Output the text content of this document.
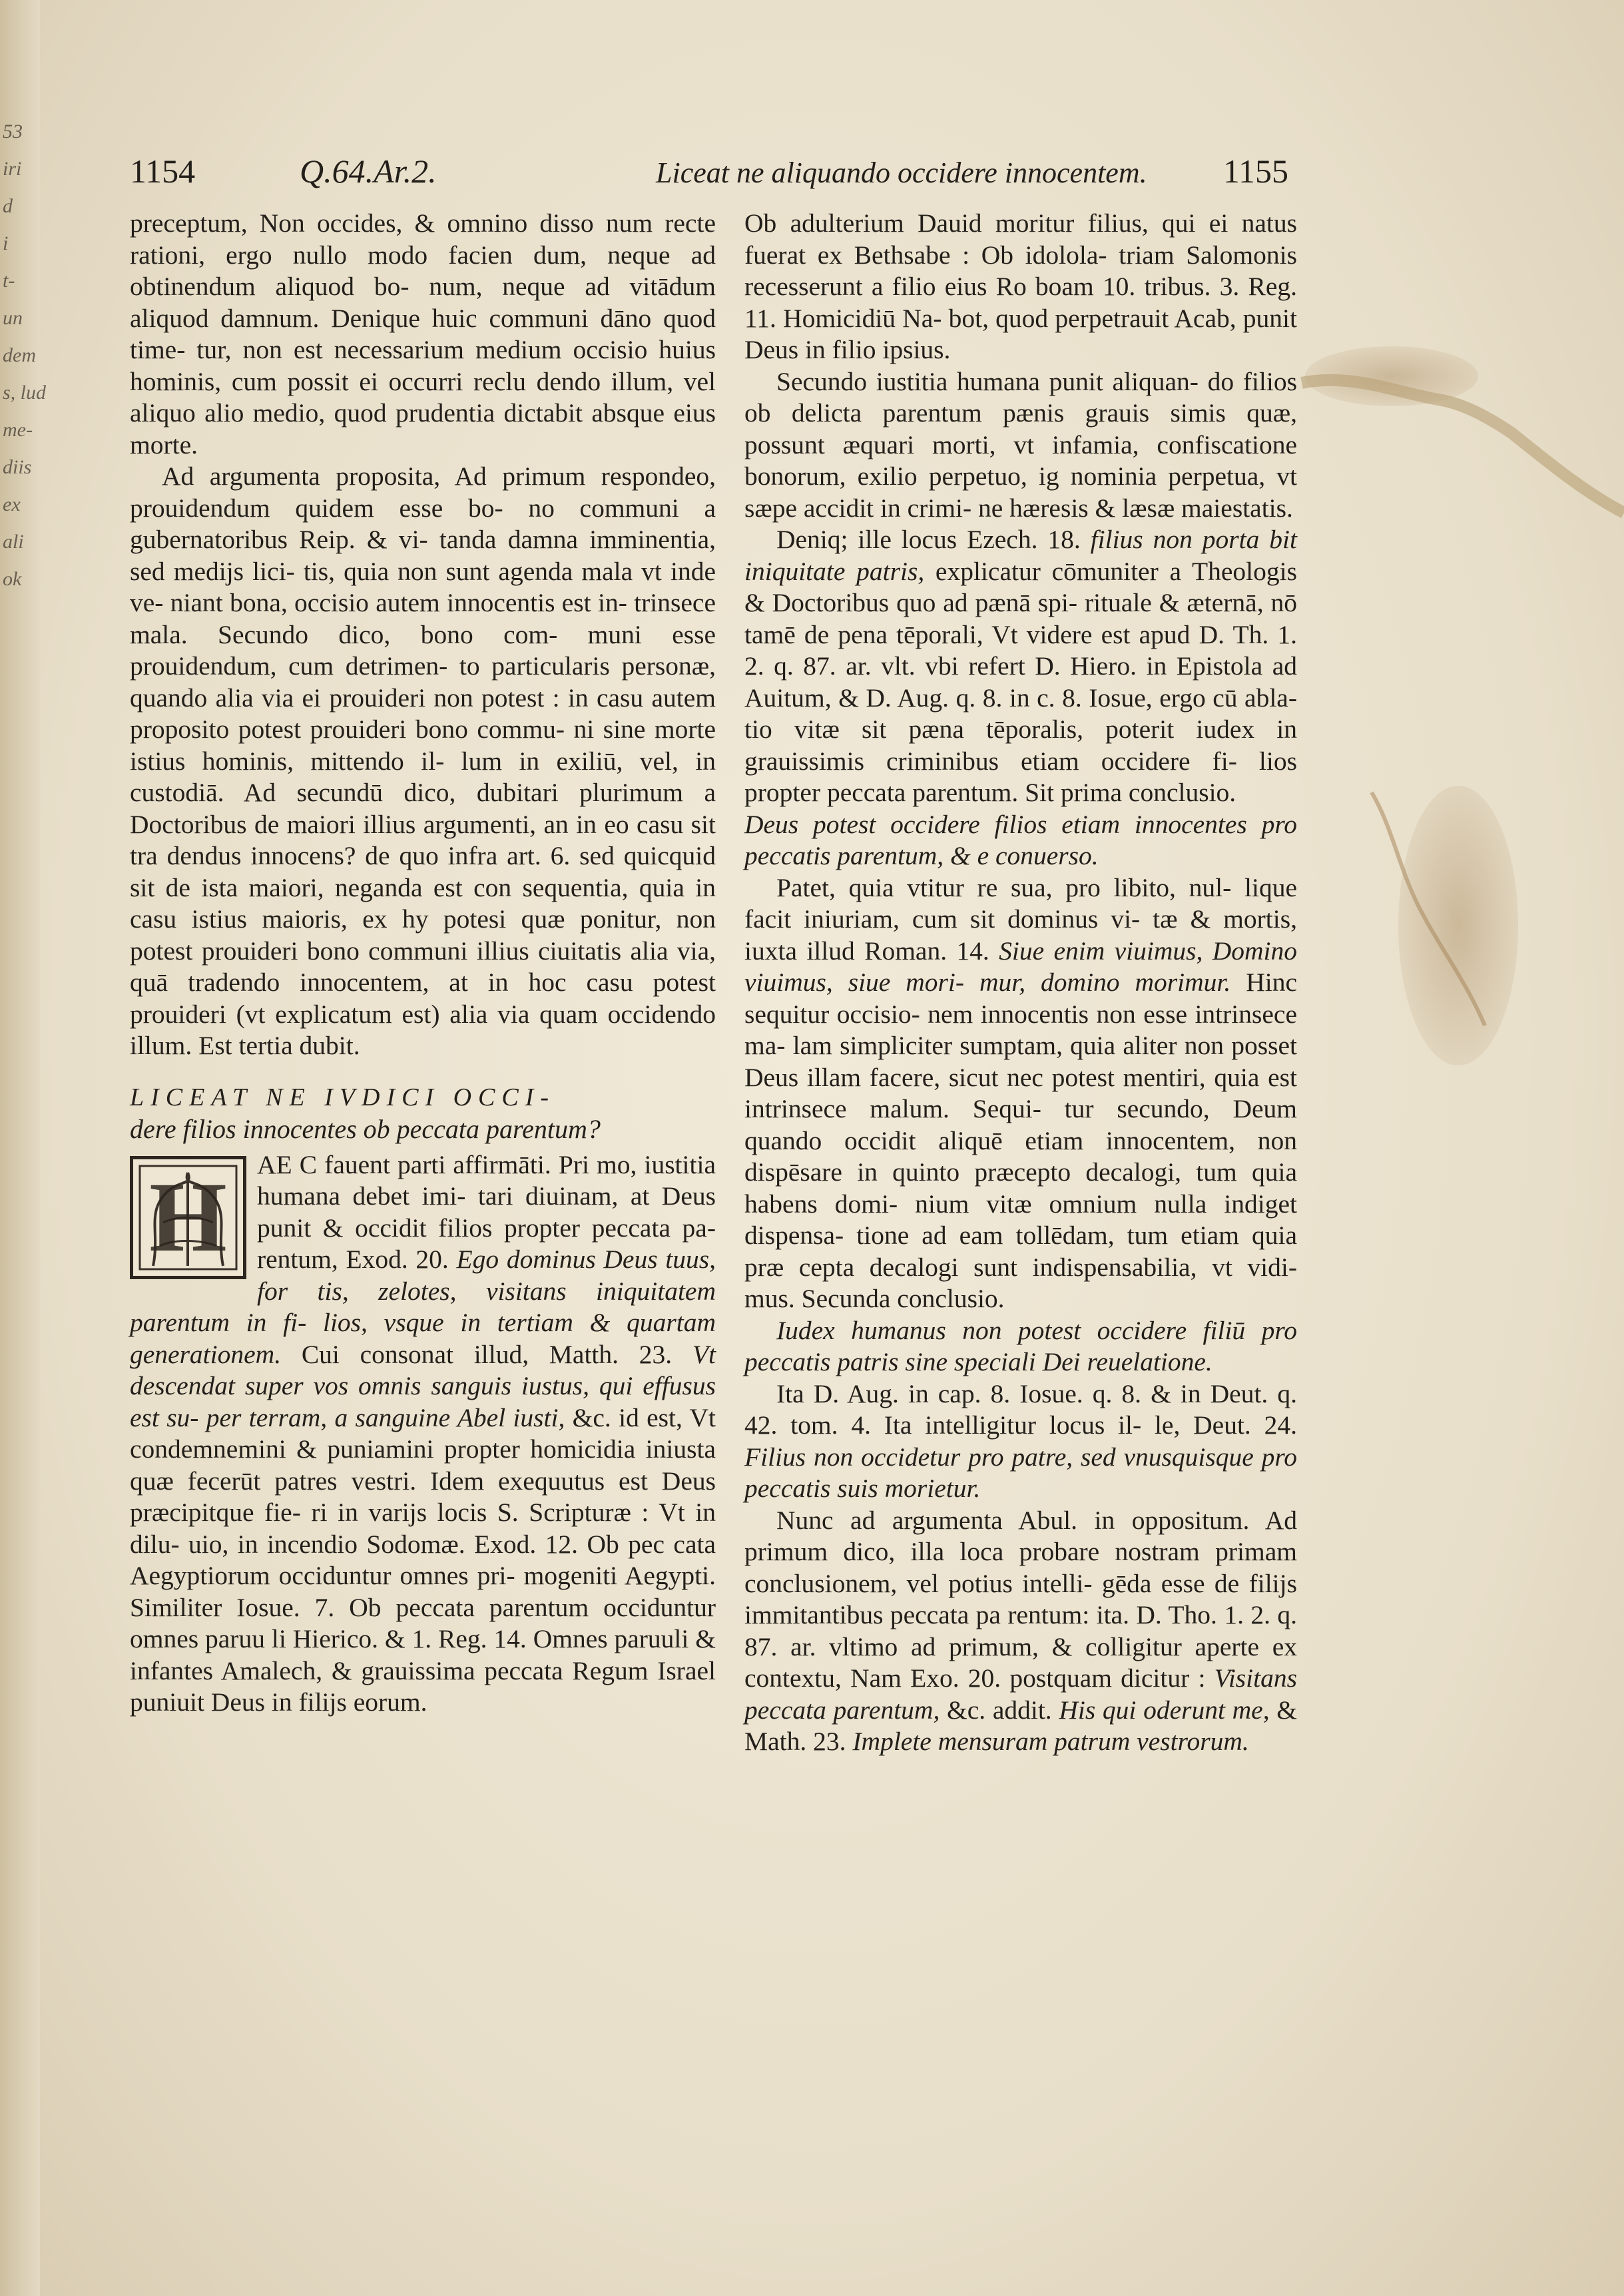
53
iri
d
i
t-
un
dem
s, lud
me-
diis
ex
ali
ok
1154	Q.64.Ar.2.	Liceat ne aliquando occidere innocentem. 1155

preceptum, Non occides, & omnino disso num recte rationi, ergo nullo modo facien dum, neque ad obtinendum aliquod bo- num, neque ad vitādum aliquod damnum. Denique huic communi dāno quod time- tur, non est necessarium medium occisio huius hominis, cum possit ei occurri reclu dendo illum, vel aliquo alio medio, quod prudentia dictabit absque eius morte.

Ad argumenta proposita, Ad primum respondeo, prouidendum quidem esse bo- no communi a gubernatoribus Reip. & vi- tanda damna imminentia, sed medijs lici- tis, quia non sunt agenda mala vt inde ve- niant bona, occisio autem innocentis est in- trinsece mala. Secundo dico, bono com- muni esse prouidendum, cum detrimen- to particularis personæ, quando alia via ei prouideri non potest : in casu autem proposito potest prouideri bono commu- ni sine morte istius hominis, mittendo il- lum in exiliū, vel, in custodiā. Ad secundū dico, dubitari plurimum a Doctoribus de maiori illius argumenti, an in eo casu sit tra dendus innocens? de quo infra art. 6. sed quicquid sit de ista maiori, neganda est con sequentia, quia in casu istius maioris, ex hy potesi quæ ponitur, non potest prouideri bono communi illius ciuitatis alia via, quā tradendo innocentem, at in hoc casu potest prouideri (vt explicatum est) alia via quam occidendo illum. Est tertia dubit.

LICEAT NE IVDICI OCCI-
dere filios innocentes ob peccata parentum?
H	AE C fauent parti affirmāti. Pri mo, iustitia humana debet imi- tari diuinam, at Deus punit & occidit filios propter peccata pa- rentum, Exod. 20. Ego dominus Deus tuus, for tis, zelotes, visitans iniquitatem parentum in fi- lios, vsque in tertiam & quartam generationem. Cui consonat illud, Matth. 23. Vt descendat super vos omnis sanguis iustus, qui effusus est su- per terram, a sanguine Abel iusti, &c. id est, Vt condemnemini & puniamini propter homicidia iniusta quæ fecerūt patres vestri. Idem exequutus est Deus præcipitque fie- ri in varijs locis S. Scripturæ : Vt in dilu- uio, in incendio Sodomæ. Exod. 12. Ob pec cata Aegyptiorum occiduntur omnes pri- mogeniti Aegypti. Similiter Iosue. 7. Ob peccata parentum occiduntur omnes paruu li Hierico. & 1. Reg. 14. Omnes paruuli & infantes Amalech, & grauissima peccata Regum Israel puniuit Deus in filijs eorum.

Ob adulterium Dauid moritur filius, qui ei natus fuerat ex Bethsabe : Ob idolola- triam Salomonis recesserunt a filio eius Ro boam 10. tribus. 3. Reg. 11. Homicidiū Na- bot, quod perpetrauit Acab, punit Deus in filio ipsius.

Secundo iustitia humana punit aliquan- do filios ob delicta parentum pænis grauis simis quæ, possunt æquari morti, vt infamia, confiscatione bonorum, exilio perpetuo, ig nominia perpetua, vt sæpe accidit in crimi- ne hæresis & læsæ maiestatis.

Deniq; ille locus Ezech. 18. filius non porta bit iniquitate patris, explicatur cōmuniter a Theologis & Doctoribus quo ad pænā spi- rituale & æternā, nō tamē de pena tēporali, Vt videre est apud D. Th. 1. 2. q. 87. ar. vlt. vbi refert D. Hiero. in Epistola ad Auitum, & D. Aug. q. 8. in c. 8. Iosue, ergo cū abla- tio vitæ sit pæna tēporalis, poterit iudex in grauissimis criminibus etiam occidere fi- lios propter peccata parentum. Sit prima conclusio.

Deus potest occidere filios etiam innocentes pro peccatis parentum, & e conuerso.

Patet, quia vtitur re sua, pro libito, nul- lique facit iniuriam, cum sit dominus vi- tæ & mortis, iuxta illud Roman. 14. Siue enim viuimus, Domino viuimus, siue mori- mur, domino morimur. Hinc sequitur occisio- nem innocentis non esse intrinsece ma- lam simpliciter sumptam, quia aliter non posset Deus illam facere, sicut nec potest mentiri, quia est intrinsece malum. Sequi- tur secundo, Deum quando occidit aliquē etiam innocentem, non dispēsare in quinto præcepto decalogi, tum quia habens domi- nium vitæ omnium nulla indiget dispensa- tione ad eam tollēdam, tum etiam quia præ cepta decalogi sunt indispensabilia, vt vidi- mus. Secunda conclusio.

Iudex humanus non potest occidere filiū pro peccatis patris sine speciali Dei reuelatione.

Ita D. Aug. in cap. 8. Iosue. q. 8. & in Deut. q. 42. tom. 4. Ita intelligitur locus il- le, Deut. 24. Filius non occidetur pro patre, sed vnusquisque pro peccatis suis morietur.

Nunc ad argumenta Abul. in oppositum. Ad primum dico, illa loca probare nostram primam conclusionem, vel potius intelli- gēda esse de filijs immitantibus peccata pa rentum: ita. D. Tho. 1. 2. q. 87. ar. vltimo ad primum, & colligitur aperte ex contextu, Nam Exo. 20. postquam dicitur : Visitans peccata parentum, &c. addit. His qui oderunt me, & Math. 23. Implete mensuram patrum vestrorum.
